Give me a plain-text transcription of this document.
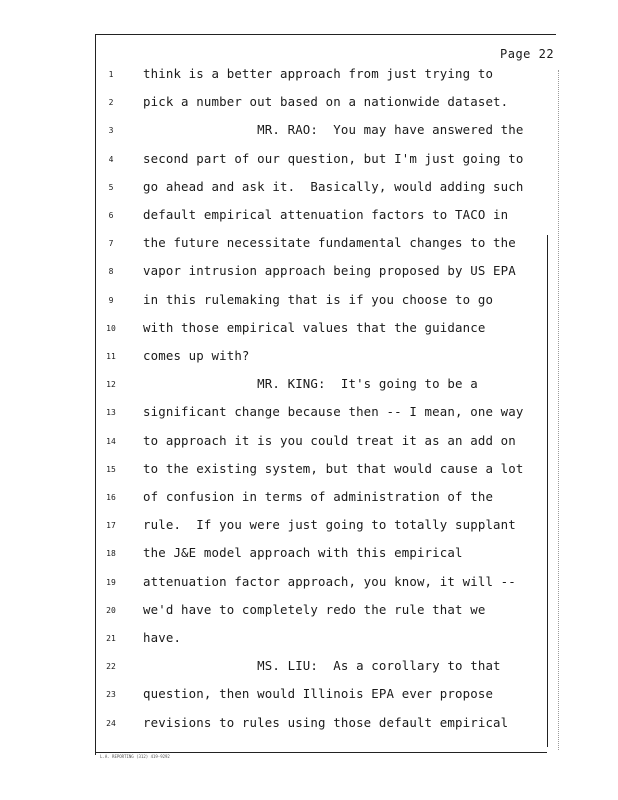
Page 22
1	think is a better approach from just trying to
2	pick a number out based on a nationwide dataset.
3	MR. RAO:  You may have answered the
4	second part of our question, but I'm just going to
5	go ahead and ask it.  Basically, would adding such
6	default empirical attenuation factors to TACO in
7	the future necessitate fundamental changes to the
8	vapor intrusion approach being proposed by US EPA
9	in this rulemaking that is if you choose to go
10	with those empirical values that the guidance
11	comes up with?
12	MR. KING:  It's going to be a
13	significant change because then -- I mean, one way
14	to approach it is you could treat it as an add on
15	to the existing system, but that would cause a lot
16	of confusion in terms of administration of the
17	rule.  If you were just going to totally supplant
18	the J&E model approach with this empirical
19	attenuation factor approach, you know, it will --
20	we'd have to completely redo the rule that we
21	have.
22	MS. LIU:  As a corollary to that
23	question, then would Illinois EPA ever propose
24	revisions to rules using those default empirical
L.A. REPORTING (312) 419-9292
